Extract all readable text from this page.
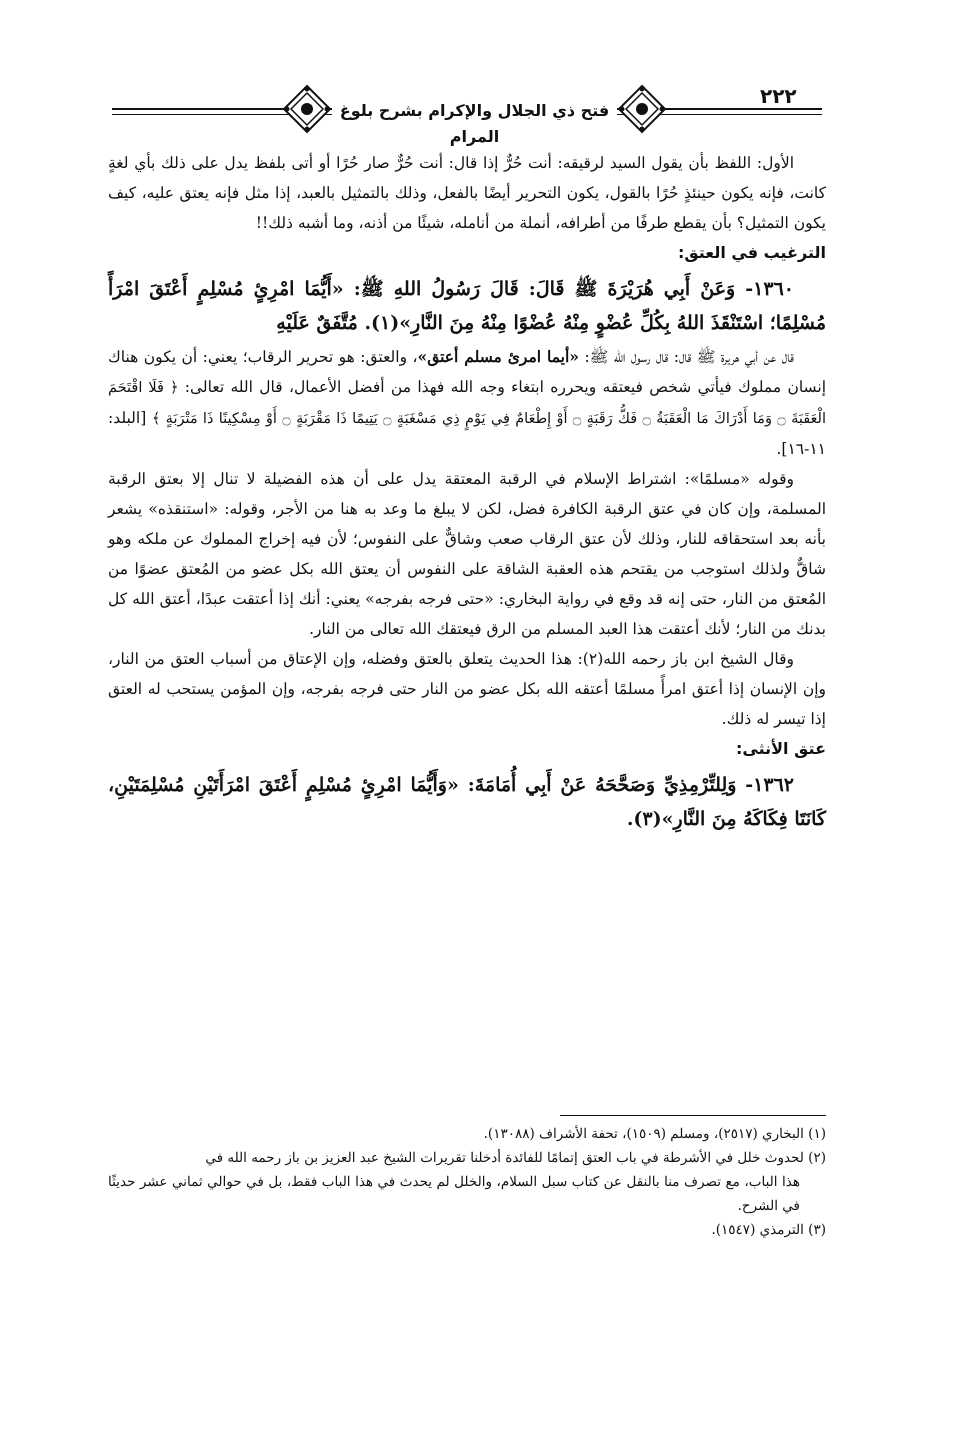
فتح ذي الجلال والإكرام بشرح بلوغ المرام
٢٢٢

الأول: اللفظ بأن يقول السيد لرقيقه: أنت حُرٌّ إذا قال: أنت حُرٌّ صار حُرًا أو أتى بلفظ يدل على ذلك بأي لغةٍ كانت، فإنه يكون حينئذٍ حُرًا بالقول، يكون التحرير أيضًا بالفعل، وذلك بالتمثيل بالعبد، إذا مثل فإنه يعتق عليه، كيف يكون التمثيل؟ بأن يقطع طرفًا من أطرافه، أنملة من أنامله، شيئًا من أذنه، وما أشبه ذلك!!

الترغيب في العتق:

١٣٦٠- وَعَنْ أَبِي هُرَيْرَةَ ﷺ قَالَ: قَالَ رَسُولُ اللهِ ﷺ: «أَيُّمَا امْرِئٍ مُسْلِمٍ أَعْتَقَ امْرَأً مُسْلِمًا؛ اسْتَنْقَذَ اللهُ بِكُلِّ عُضْوٍ مِنْهُ عُضْوًا مِنْهُ مِنَ النَّارِ»(١). مُتَّفَقٌ عَلَيْهِ

قال عن أبي هريرة ﷺ قال: قال رسول الله ﷺ: «أيما امرئ مسلم أعتق»، والعتق: هو تحرير الرقاب؛ يعني: أن يكون هناك إنسان مملوك فيأتي شخص فيعتقه ويحرره ابتغاء وجه الله فهذا من أفضل الأعمال، قال الله تعالى: ﴿ فَلَا اقْتَحَمَ الْعَقَبَةَ ۝ وَمَا أَدْرَاكَ مَا الْعَقَبَةُ ۝ فَكُّ رَقَبَةٍ ۝ أَوْ إِطْعَامٌ فِي يَوْمٍ ذِي مَسْغَبَةٍ ۝ يَتِيمًا ذَا مَقْرَبَةٍ ۝ أَوْ مِسْكِينًا ذَا مَتْرَبَةٍ ﴾ [البلد: ١١-١٦].

وقوله «مسلمًا»: اشتراط الإسلام في الرقبة المعتقة يدل على أن هذه الفضيلة لا تنال إلا بعتق الرقبة المسلمة، وإن كان في عتق الرقبة الكافرة فضل، لكن لا يبلغ ما وعد به هنا من الأجر، وقوله: «استنقذه» يشعر بأنه بعد استحقاقه للنار، وذلك لأن عتق الرقاب صعب وشاقٌّ على النفوس؛ لأن فيه إخراج المملوك عن ملكه وهو شاقٌّ ولذلك استوجب من يقتحم هذه العقبة الشاقة على النفوس أن يعتق الله بكل عضو من المُعتق عضوًا من المُعتق من النار، حتى إنه قد وقع في رواية البخاري: «حتى فرجه بفرجه» يعني: أنك إذا أعتقت عبدًا، أعتق الله كل بدنك من النار؛ لأنك أعتقت هذا العبد المسلم من الرق فيعتقك الله تعالى من النار.

وقال الشيخ ابن باز رحمه الله(٢): هذا الحديث يتعلق بالعتق وفضله، وإن الإعتاق من أسباب العتق من النار، وإن الإنسان إذا أعتق امرأً مسلمًا أعتقه الله بكل عضو من النار حتى فرجه بفرجه، وإن المؤمن يستحب له العتق إذا تيسر له ذلك.

عتق الأنثى:

١٣٦٢- وَلِلتِّرْمِذِيِّ وَصَحَّحَهُ عَنْ أَبِي أُمَامَةَ: «وَأَيُّمَا امْرِئٍ مُسْلِمٍ أَعْتَقَ امْرَأَتَيْنِ مُسْلِمَتَيْنِ، كَانَتَا فِكَاكَهُ مِنَ النَّارِ»(٣).

(١) البخاري (٢٥١٧)، ومسلم (١٥٠٩)، تحفة الأشراف (١٣٠٨٨).

(٢) لحدوث خلل في الأشرطة في باب العتق إتمامًا للفائدة أدخلنا تقريرات الشيخ عبد العزيز بن باز رحمه الله في

هذا الباب، مع تصرف منا بالنقل عن كتاب سبل السلام، والخلل لم يحدث في هذا الباب فقط، بل في حوالي ثماني عشر حديثًا في الشرح.

(٣) الترمذي (١٥٤٧).
